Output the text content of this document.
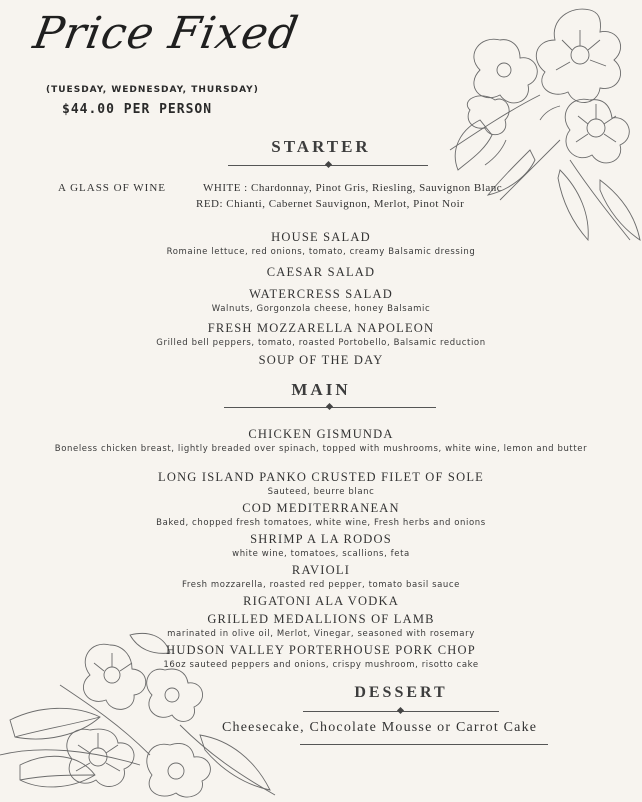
Price Fixed
(TUESDAY, WEDNESDAY, THURSDAY)
$44.00 PER PERSON
STARTER
A GLASS OF WINE	WHITE : Chardonnay, Pinot Gris, Riesling, Sauvignon Blanc
RED: Chianti, Cabernet Sauvignon, Merlot, Pinot Noir
HOUSE SALAD
Romaine lettuce, red onions, tomato, creamy Balsamic dressing
CAESAR SALAD
WATERCRESS SALAD
Walnuts, Gorgonzola cheese, honey Balsamic
FRESH MOZZARELLA NAPOLEON
Grilled bell peppers, tomato, roasted Portobello, Balsamic reduction
SOUP OF THE DAY
MAIN
CHICKEN GISMUNDA
Boneless chicken breast, lightly breaded over spinach, topped with mushrooms, white wine, lemon and butter
LONG ISLAND PANKO CRUSTED FILET OF SOLE
Sauteed, beurre blanc
COD MEDITERRANEAN
Baked, chopped fresh tomatoes, white wine, Fresh herbs and onions
SHRIMP A LA RODOS
white wine, tomatoes, scallions, feta
RAVIOLI
Fresh mozzarella, roasted red pepper, tomato basil sauce
RIGATONI ALA VODKA
GRILLED MEDALLIONS OF LAMB
marinated in olive oil, Merlot, Vinegar, seasoned with rosemary
HUDSON VALLEY PORTERHOUSE PORK CHOP
16oz sauteed peppers and onions, crispy mushroom, risotto cake
DESSERT
Cheesecake, Chocolate Mousse or Carrot Cake
